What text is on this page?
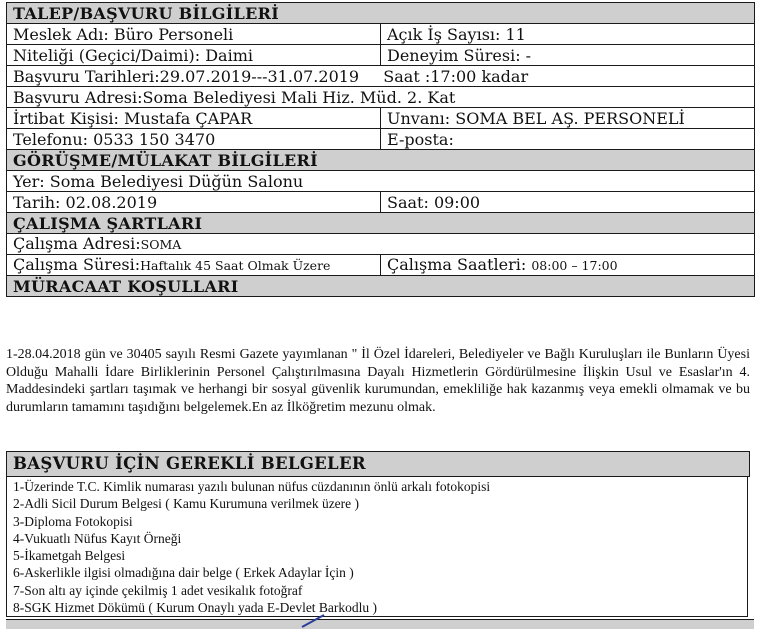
TALEP/BAŞVURU BİLGİLERİ	
Meslek Adı: Büro Personeli	Açık İş Sayısı: 11
Niteliği (Geçici/Daimi): Daimi	Deneyim Süresi: -
Başvuru Tarihleri:29.07.2019---31.07.2019 Saat :17:00 kadar	
Başvuru Adresi:Soma Belediyesi Mali Hiz. Müd. 2. Kat	
İrtibat Kişisi: Mustafa ÇAPAR	Unvanı: SOMA BEL AŞ. PERSONELİ
Telefonu: 0533 150 3470	E-posta:
GÖRÜŞME/MÜLAKAT BİLGİLERİ	
Yer: Soma Belediyesi Düğün Salonu	
Tarih: 02.08.2019	Saat: 09:00
ÇALIŞMA ŞARTLARI	
Çalışma Adresi:SOMA	
Çalışma Süresi:Haftalık 45 Saat Olmak Üzere	Çalışma Saatleri: 08:00 – 17:00
MÜRACAAT KOŞULLARI	

1-28.04.2018 gün ve 30405 sayılı Resmi Gazete yayımlanan " İl Özel İdareleri, Belediyeler ve Bağlı Kuruluşları ile Bunların Üyesi Olduğu Mahalli İdare Birliklerinin Personel Çalıştırılmasına Dayalı Hizmetlerin Gördürülmesine İlişkin Usul ve Esaslar'ın 4. Maddesindeki şartları taşımak ve herhangi bir sosyal güvenlik kurumundan, emekliliğe hak kazanmış veya emekli olmamak ve bu durumların tamamını taşıdığını belgelemek.En az İlköğretim mezunu olmak.

BAŞVURU İÇİN GEREKLİ BELGELER
1-Üzerinde T.C. Kimlik numarası yazılı bulunan nüfus cüzdanının önlü arkalı fotokopisi
2-Adli Sicil Durum Belgesi ( Kamu Kurumuna verilmek üzere )
3-Diploma Fotokopisi
4-Vukuatlı Nüfus Kayıt Örneği
5-İkametgah Belgesi
6-Askerlikle ilgisi olmadığına dair belge ( Erkek Adaylar İçin )
7-Son altı ay içinde çekilmiş 1 adet vesikalık fotoğraf
8-SGK Hizmet Dökümü ( Kurum Onaylı yada E-Devlet Barkodlu )
